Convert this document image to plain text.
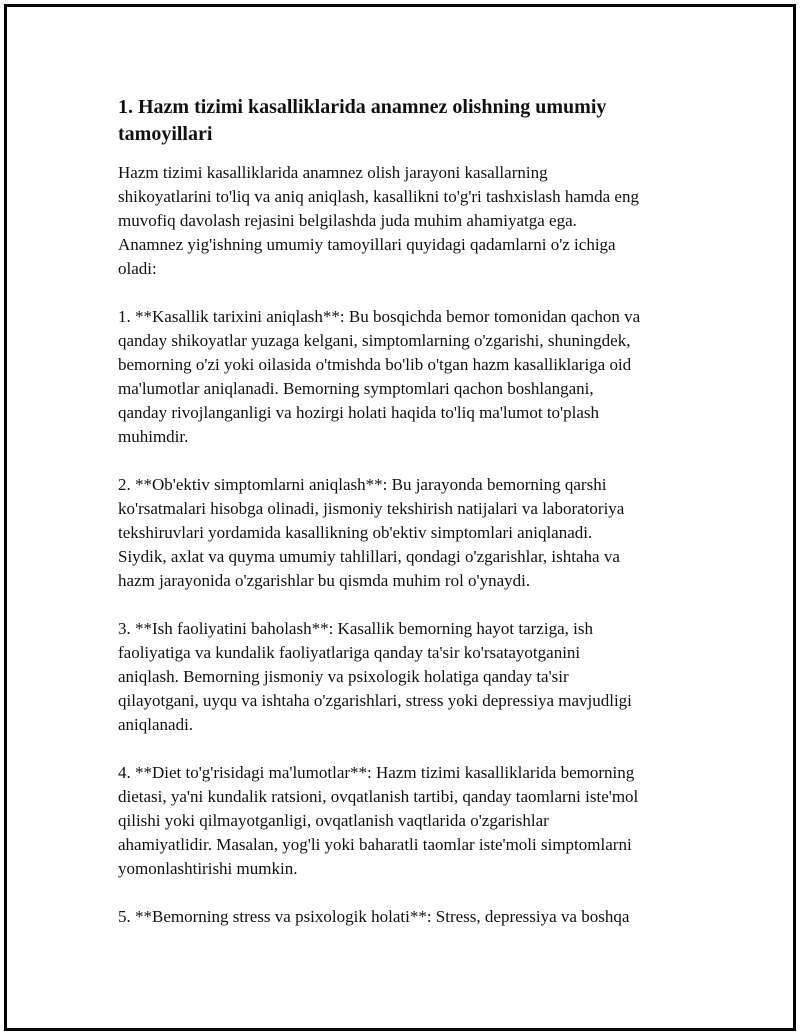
1. Hazm tizimi kasalliklarida anamnez olishning umumiy
tamoyillari

Hazm tizimi kasalliklarida anamnez olish jarayoni kasallarning
shikoyatlarini to'liq va aniq aniqlash, kasallikni to'g'ri tashxislash hamda eng
muvofiq davolash rejasini belgilashda juda muhim ahamiyatga ega.
Anamnez yig'ishning umumiy tamoyillari quyidagi qadamlarni o'z ichiga
oladi:

1. **Kasallik tarixini aniqlash**: Bu bosqichda bemor tomonidan qachon va
qanday shikoyatlar yuzaga kelgani, simptomlarning o'zgarishi, shuningdek,
bemorning o'zi yoki oilasida o'tmishda bo'lib o'tgan hazm kasalliklariga oid
ma'lumotlar aniqlanadi. Bemorning symptomlari qachon boshlangani,
qanday rivojlanganligi va hozirgi holati haqida to'liq ma'lumot to'plash
muhimdir.

2. **Ob'ektiv simptomlarni aniqlash**: Bu jarayonda bemorning qarshi
ko'rsatmalari hisobga olinadi, jismoniy tekshirish natijalari va laboratoriya
tekshiruvlari yordamida kasallikning ob'ektiv simptomlari aniqlanadi.
Siydik, axlat va quyma umumiy tahlillari, qondagi o'zgarishlar, ishtaha va
hazm jarayonida o'zgarishlar bu qismda muhim rol o'ynaydi.

3. **Ish faoliyatini baholash**: Kasallik bemorning hayot tarziga, ish
faoliyatiga va kundalik faoliyatlariga qanday ta'sir ko'rsatayotganini
aniqlash. Bemorning jismoniy va psixologik holatiga qanday ta'sir
qilayotgani, uyqu va ishtaha o'zgarishlari, stress yoki depressiya mavjudligi
aniqlanadi.

4. **Diet to'g'risidagi ma'lumotlar**: Hazm tizimi kasalliklarida bemorning
dietasi, ya'ni kundalik ratsioni, ovqatlanish tartibi, qanday taomlarni iste'mol
qilishi yoki qilmayotganligi, ovqatlanish vaqtlarida o'zgarishlar
ahamiyatlidir. Masalan, yog'li yoki baharatli taomlar iste'moli simptomlarni
yomonlashtirishi mumkin.

5. **Bemorning stress va psixologik holati**: Stress, depressiya va boshqa
